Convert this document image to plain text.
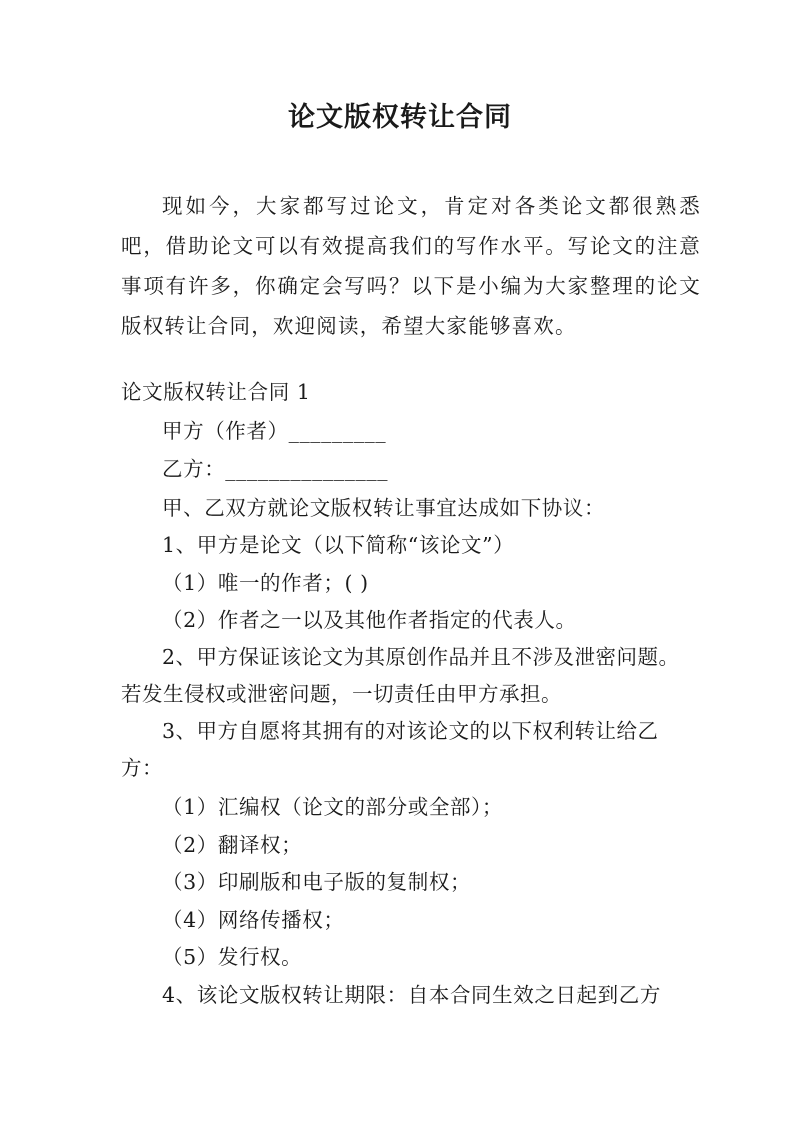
论文版权转让合同

现如今，大家都写过论文，肯定对各类论文都很熟悉吧，借助论文可以有效提高我们的写作水平。写论文的注意事项有许多，你确定会写吗？以下是小编为大家整理的论文版权转让合同，欢迎阅读，希望大家能够喜欢。

论文版权转让合同 1

甲方（作者）_________

乙方：_______________

甲、乙双方就论文版权转让事宜达成如下协议：

1、甲方是论文（以下简称“该论文”）

（1）唯一的作者；( )

（2）作者之一以及其他作者指定的代表人。

2、甲方保证该论文为其原创作品并且不涉及泄密问题。若发生侵权或泄密问题，一切责任由甲方承担。

3、甲方自愿将其拥有的对该论文的以下权利转让给乙方：

（1）汇编权（论文的部分或全部）；

（2）翻译权；

（3）印刷版和电子版的复制权；

（4）网络传播权；

（5）发行权。

4、该论文版权转让期限：自本合同生效之日起到乙方
